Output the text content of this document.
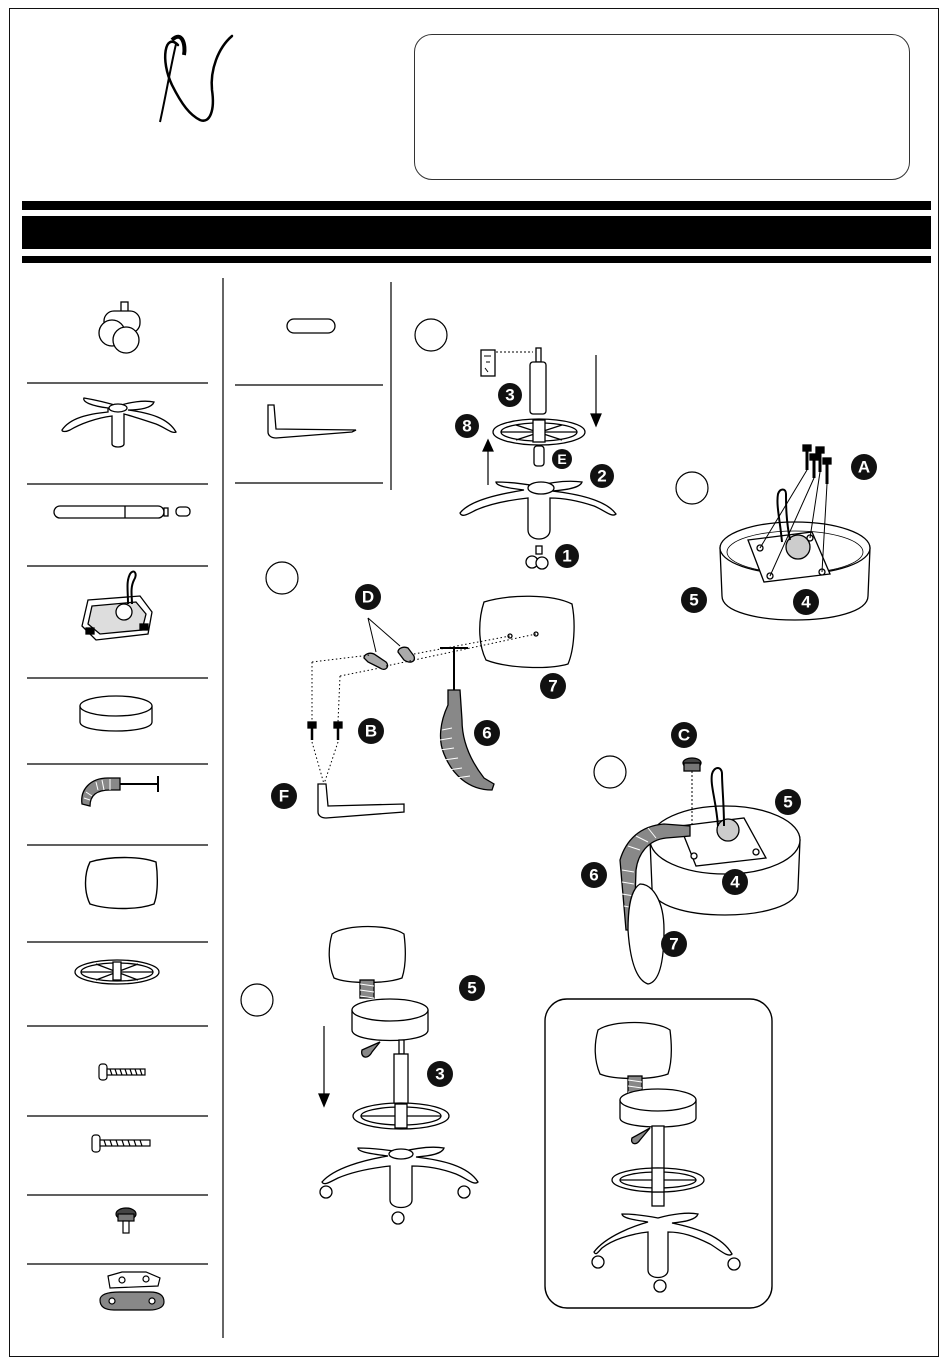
1
2
3
8
E	A
5	4
D
7
B	6
F
C
5
6	4
7
5
3
